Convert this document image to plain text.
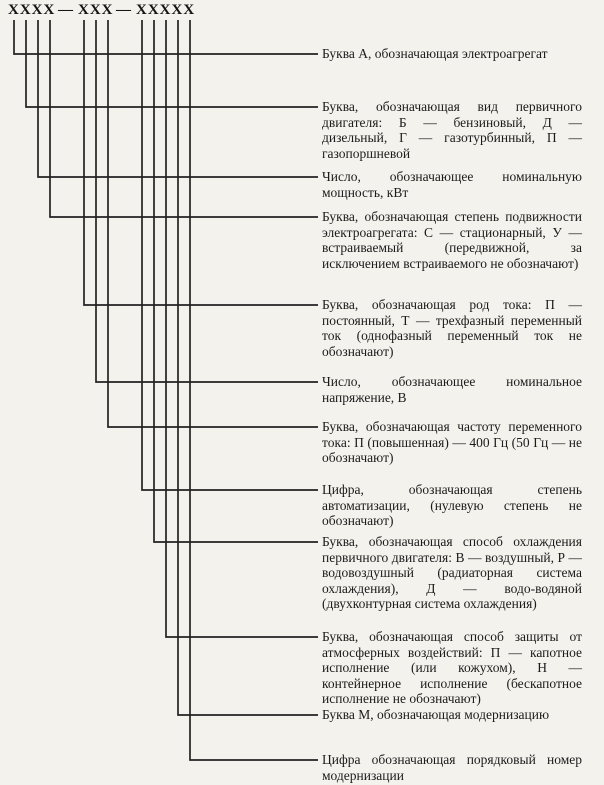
ХХХХ — ХХХ — ХХХХХ
Буква А, обозначающая электроагрегат
Буква, обозначающая вид первичного двигателя: Б — бензиновый, Д — дизельный, Г — газотурбинный, П — газопоршневой
Число, обозначающее номинальную мощность, кВт
Буква, обозначающая степень подвижности электроагрегата: С — стационарный, У — встраиваемый (передвижной, за исключением встраиваемого не обозначают)
Буква, обозначающая род тока: П — постоянный, Т — трехфазный переменный ток (однофазный переменный ток не обозначают)
Число, обозначающее номинальное напряжение, В
Буква, обозначающая частоту переменного тока: П (повышенная) — 400 Гц (50 Гц — не обозначают)
Цифра, обозначающая степень автоматизации, (нулевую степень не обозначают)
Буква, обозначающая способ охлаждения первичного двигателя: В — воздушный, Р — водовоздушный (радиаторная система охлаждения), Д — водо-водяной (двухконтурная система охлаждения)
Буква, обозначающая способ защиты от атмосферных воздействий: П — капотное исполнение (или кожухом), Н — контейнерное исполнение (бескапотное исполнение не обозначают)
Буква М, обозначающая модернизацию
Цифра обозначающая порядковый номер модернизации
